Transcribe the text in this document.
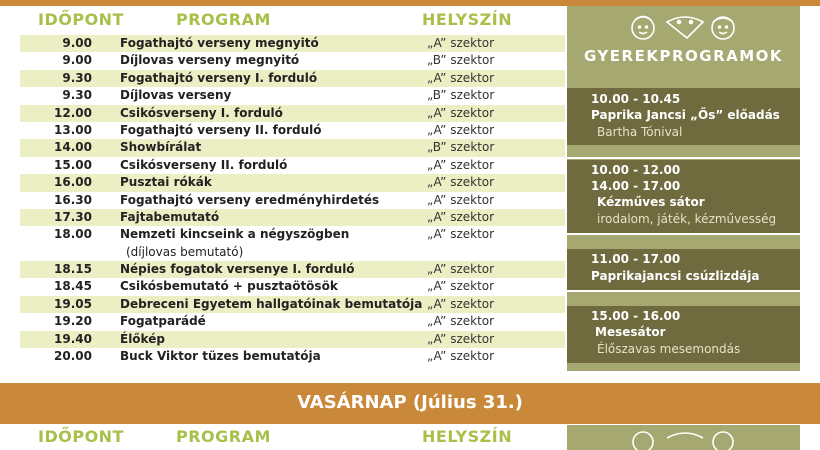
IDŐPONT	PROGRAM	HELYSZÍN
9.00 Fogathajtó verseny megnyitó	„A” szektor
9.00 Díjlovas verseny megnyitó	„B” szektor
9.30 Fogathajtó verseny I. forduló	„A” szektor
9.30 Díjlovas verseny	„B” szektor
12.00 Csikósverseny I. forduló	„A” szektor
13.00 Fogathajtó verseny II. forduló	„A” szektor
14.00 Showbírálat	„B” szektor
15.00 Csikósverseny II. forduló	„A” szektor
16.00 Pusztai rókák	„A” szektor
16.30 Fogathajtó verseny eredményhirdetés	„A” szektor
17.30 Fajtabemutató	„A” szektor
18.00 Nemzeti kincseink a négyszögben	„A” szektor
(díjlovas bemutató)
18.15 Népies fogatok versenye I. forduló	„A” szektor
18.45 Csikósbemutató + pusztaötösök	„A” szektor
19.05 Debreceni Egyetem hallgatóinak bemutatója „A” szektor
19.20 Fogatparádé	„A” szektor
19.40 Élőkép	„A” szektor
20.00 Buck Viktor tüzes bemutatója	„A” szektor
GYEREKPROGRAMOK
10.00 - 10.45
Paprika Jancsi „Ős” előadás
Bartha Tónival
10.00 - 12.00
14.00 - 17.00
Kézműves sátor
irodalom, játék, kézművesség
11.00 - 17.00
Paprikajancsi csúzlizdája
15.00 - 16.00
Mesesátor
Élőszavas mesemondás
VASÁRNAP (Július 31.)
IDŐPONT	PROGRAM	HELYSZÍN
